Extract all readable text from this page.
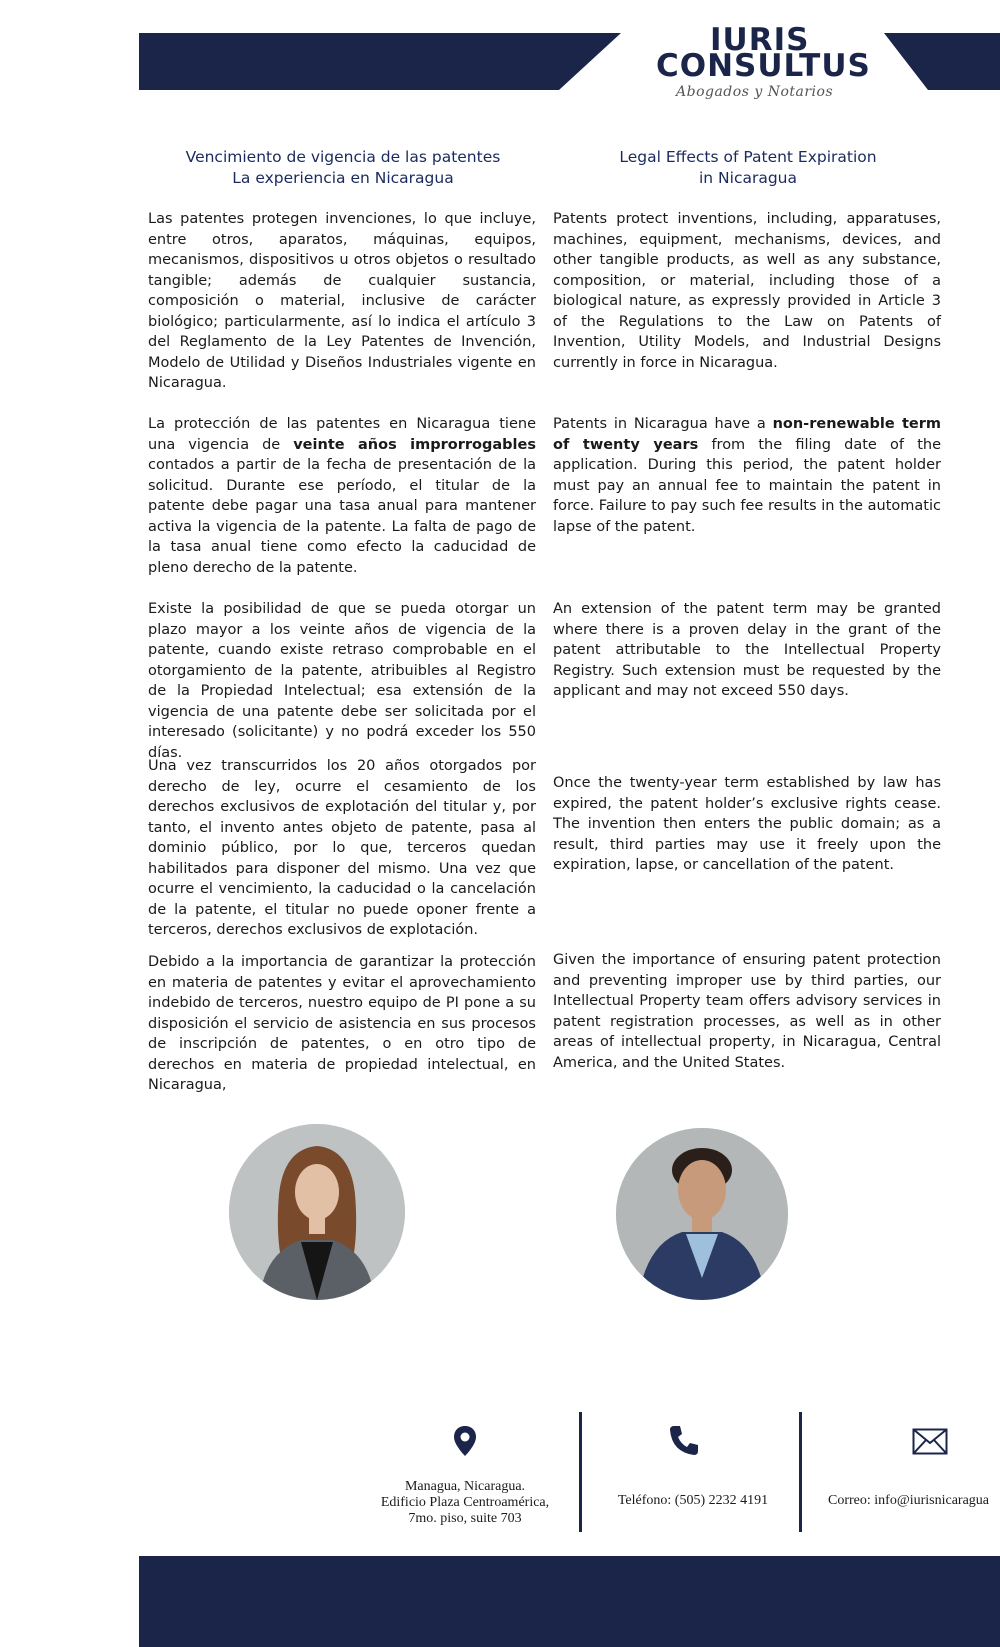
IURIS
CONSULTUS
Abogados y Notarios
Vencimiento de vigencia de las patentes
La experiencia en Nicaragua
Legal Effects of Patent Expiration
in Nicaragua

Las patentes protegen invenciones, lo que incluye, entre otros, aparatos, máquinas, equipos, mecanismos, dispositivos u otros objetos o resultado tangible; además de cualquier sustancia, composición o material, inclusive de carácter biológico; particularmente, así lo indica el artículo 3 del Reglamento de la Ley Patentes de Invención, Modelo de Utilidad y Diseños Industriales vigente en Nicaragua.

La protección de las patentes en Nicaragua tiene una vigencia de veinte años improrrogables contados a partir de la fecha de presentación de la solicitud. Durante ese período, el titular de la patente debe pagar una tasa anual para mantener activa la vigencia de la patente. La falta de pago de la tasa anual tiene como efecto la caducidad de pleno derecho de la patente.

Existe la posibilidad de que se pueda otorgar un plazo mayor a los veinte años de vigencia de la patente, cuando existe retraso comprobable en el otorgamiento de la patente, atribuibles al Registro de la Propiedad Intelectual; esa extensión de la vigencia de una patente debe ser solicitada por el interesado (solicitante) y no podrá exceder los 550 días.

Una vez transcurridos los 20 años otorgados por derecho de ley, ocurre el cesamiento de los derechos exclusivos de explotación del titular y, por tanto, el invento antes objeto de patente, pasa al dominio público, por lo que, terceros quedan habilitados para disponer del mismo. Una vez que ocurre el vencimiento, la caducidad o la cancelación de la patente, el titular no puede oponer frente a terceros, derechos exclusivos de explotación.

Debido a la importancia de garantizar la protección en materia de patentes y evitar el aprovechamiento indebido de terceros, nuestro equipo de PI pone a su disposición el servicio de asistencia en sus procesos de inscripción de patentes, o en otro tipo de derechos en materia de propiedad intelectual, en Nicaragua,

Patents protect inventions, including, apparatuses, machines, equipment, mechanisms, devices, and other tangible products, as well as any substance, composition, or material, including those of a biological nature, as expressly provided in Article 3 of the Regulations to the Law on Patents of Invention, Utility Models, and Industrial Designs currently in force in Nicaragua.

Patents in Nicaragua have a non-renewable term of twenty years from the filing date of the application. During this period, the patent holder must pay an annual fee to maintain the patent in force. Failure to pay such fee results in the automatic lapse of the patent.

An extension of the patent term may be granted where there is a proven delay in the grant of the patent attributable to the Intellectual Property Registry. Such extension must be requested by the applicant and may not exceed 550 days.

Once the twenty-year term established by law has expired, the patent holder’s exclusive rights cease. The invention then enters the public domain; as a result, third parties may use it freely upon the expiration, lapse, or cancellation of the patent.

Given the importance of ensuring patent protection and preventing improper use by third parties, our Intellectual Property team offers advisory services in patent registration processes, as well as in other areas of intellectual property, in Nicaragua, Central America, and the United States.

Managua, Nicaragua.
Edificio Plaza Centroamérica,
7mo. piso, suite 703
Teléfono: (505) 2232 4191	Correo: info@iurisnicaragua
